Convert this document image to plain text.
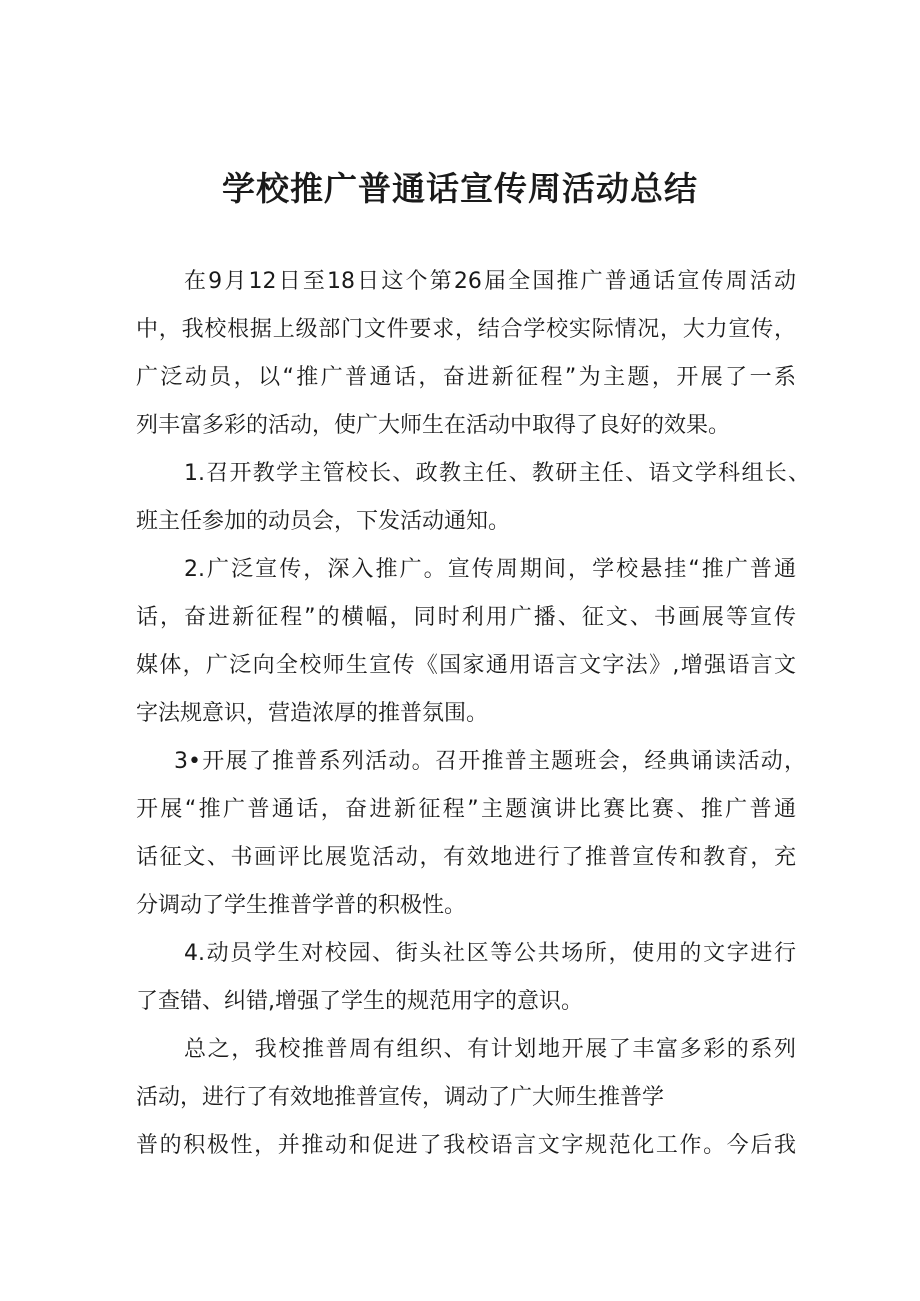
学校推广普通话宣传周活动总结

在9月12日至18日这个第26届全国推广普通话宣传周活动

中，我校根据上级部门文件要求，结合学校实际情况，大力宣传，

广泛动员，以“推广普通话，奋进新征程”为主题，开展了一系

列丰富多彩的活动，使广大师生在活动中取得了良好的效果。

1.召开教学主管校长、政教主任、教研主任、语文学科组长、

班主任参加的动员会，下发活动通知。

2.广泛宣传，深入推广。宣传周期间，学校悬挂“推广普通

话，奋进新征程”的横幅，同时利用广播、征文、书画展等宣传

媒体，广泛向全校师生宣传《国家通用语言文字法》,增强语言文

字法规意识，营造浓厚的推普氛围。

3•开展了推普系列活动。召开推普主题班会，经典诵读活动，

开展“推广普通话，奋进新征程”主题演讲比赛比赛、推广普通

话征文、书画评比展览活动，有效地进行了推普宣传和教育，充

分调动了学生推普学普的积极性。

4.动员学生对校园、街头社区等公共场所，使用的文字进行

了查错、纠错,增强了学生的规范用字的意识。

总之，我校推普周有组织、有计划地开展了丰富多彩的系列

活动，进行了有效地推普宣传，调动了广大师生推普学

普的积极性，并推动和促进了我校语言文字规范化工作。今后我
